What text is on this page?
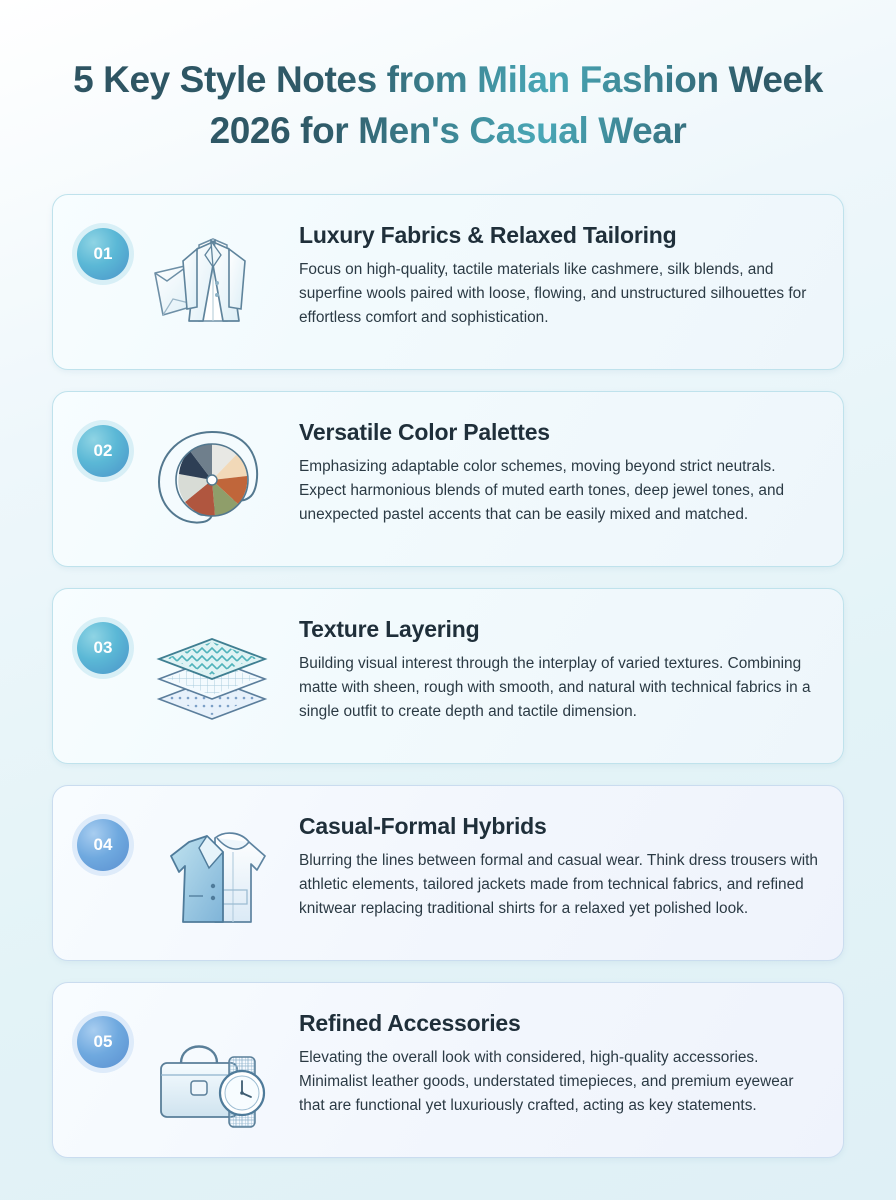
5 Key Style Notes from Milan Fashion Week 2026 for Men's Casual Wear
01
Luxury Fabrics & Relaxed Tailoring
Focus on high-quality, tactile materials like cashmere, silk blends, and superfine wools paired with loose, flowing, and unstructured silhouettes for effortless comfort and sophistication.
02
Versatile Color Palettes
Emphasizing adaptable color schemes, moving beyond strict neutrals. Expect harmonious blends of muted earth tones, deep jewel tones, and unexpected pastel accents that can be easily mixed and matched.
03
Texture Layering
Building visual interest through the interplay of varied textures. Combining matte with sheen, rough with smooth, and natural with technical fabrics in a single outfit to create depth and tactile dimension.
04
Casual-Formal Hybrids
Blurring the lines between formal and casual wear. Think dress trousers with athletic elements, tailored jackets made from technical fabrics, and refined knitwear replacing traditional shirts for a relaxed yet polished look.
05
Refined Accessories
Elevating the overall look with considered, high-quality accessories. Minimalist leather goods, understated timepieces, and premium eyewear that are functional yet luxuriously crafted, acting as key statements.
